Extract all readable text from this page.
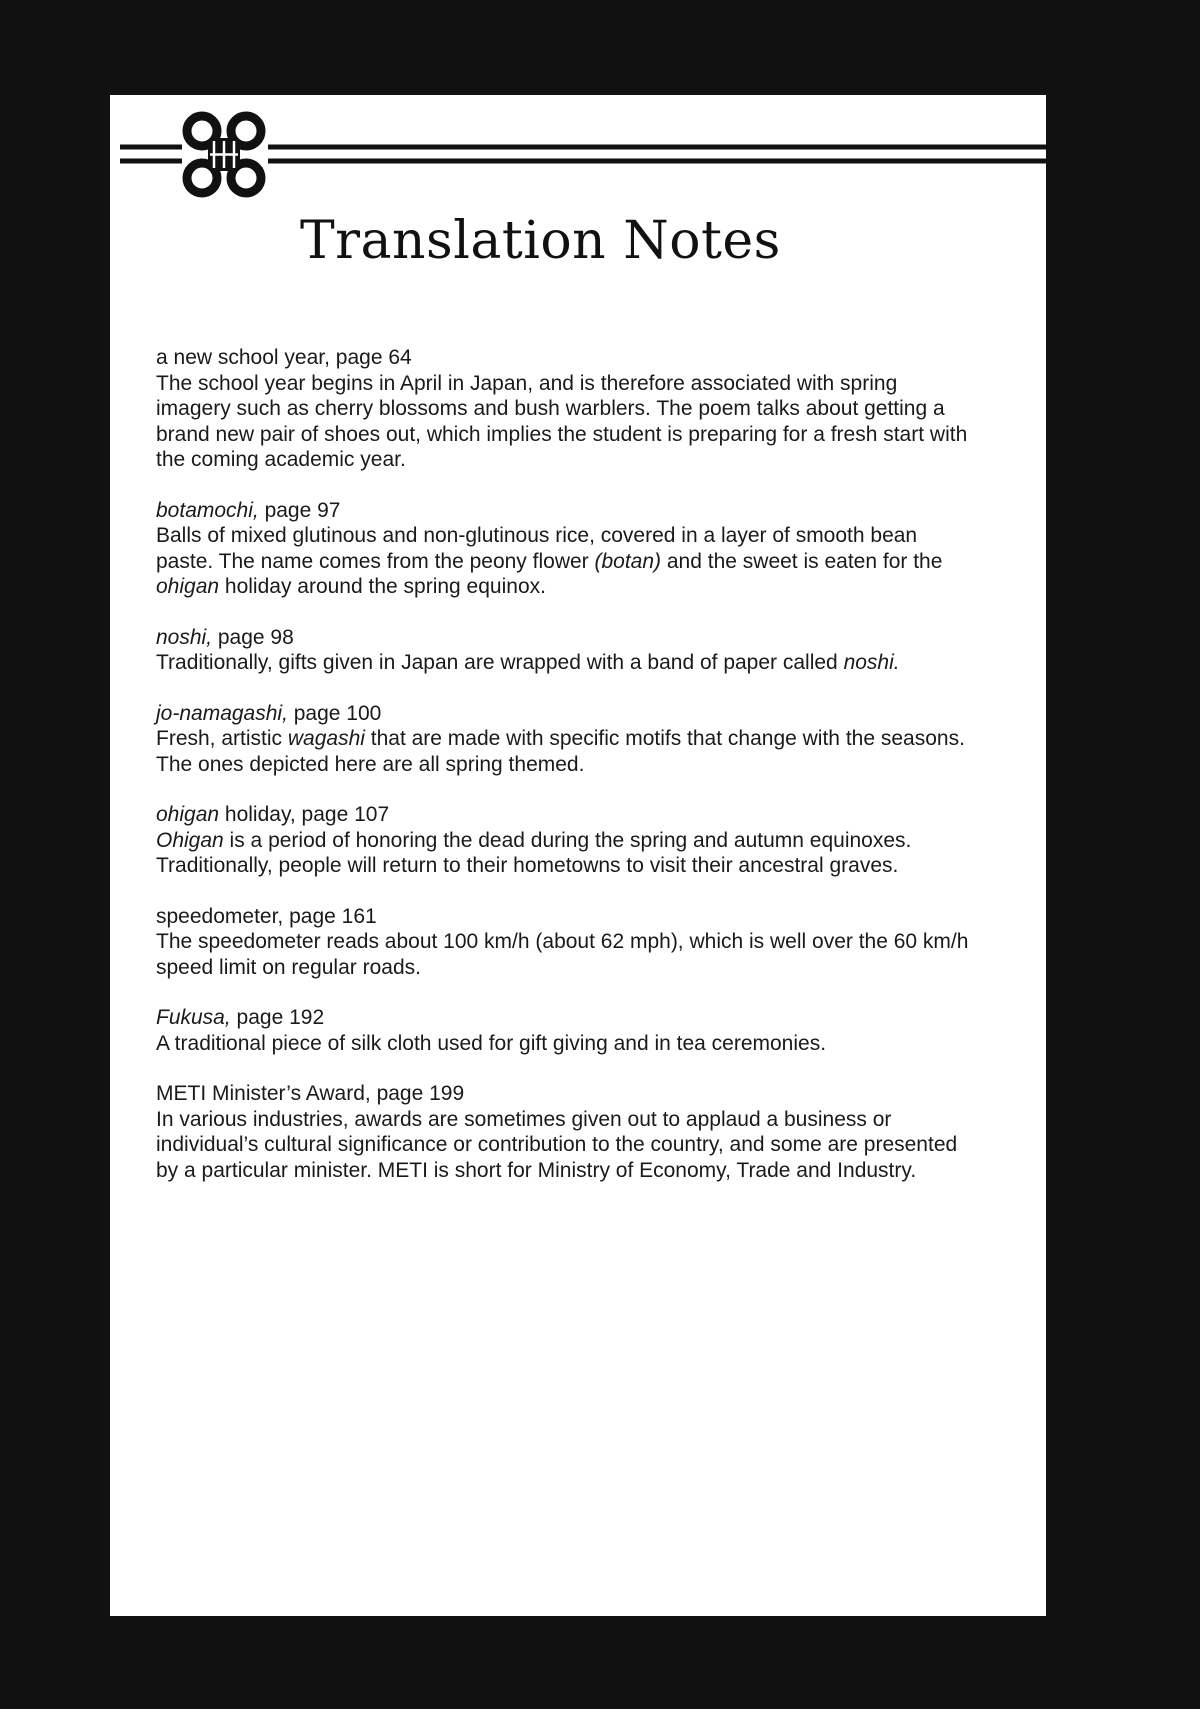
Translation Notes

a new school year, page 64

The school year begins in April in Japan, and is therefore associated with spring imagery such as cherry blossoms and bush warblers. The poem talks about getting a brand new pair of shoes out, which implies the student is preparing for a fresh start with the coming academic year.

botamochi, page 97

Balls of mixed glutinous and non-glutinous rice, covered in a layer of smooth bean paste. The name comes from the peony flower (botan) and the sweet is eaten for the ohigan holiday around the spring equinox.

noshi, page 98

Traditionally, gifts given in Japan are wrapped with a band of paper called noshi.

jo-namagashi, page 100

Fresh, artistic wagashi that are made with specific motifs that change with the seasons. The ones depicted here are all spring themed.

ohigan holiday, page 107

Ohigan is a period of honoring the dead during the spring and autumn equinoxes. Traditionally, people will return to their hometowns to visit their ancestral graves.

speedometer, page 161

The speedometer reads about 100 km/h (about 62 mph), which is well over the 60 km/h speed limit on regular roads.

Fukusa, page 192

A traditional piece of silk cloth used for gift giving and in tea ceremonies.

METI Minister’s Award, page 199

In various industries, awards are sometimes given out to applaud a business or individual’s cultural significance or contribution to the country, and some are presented by a particular minister. METI is short for Ministry of Economy, Trade and Industry.
